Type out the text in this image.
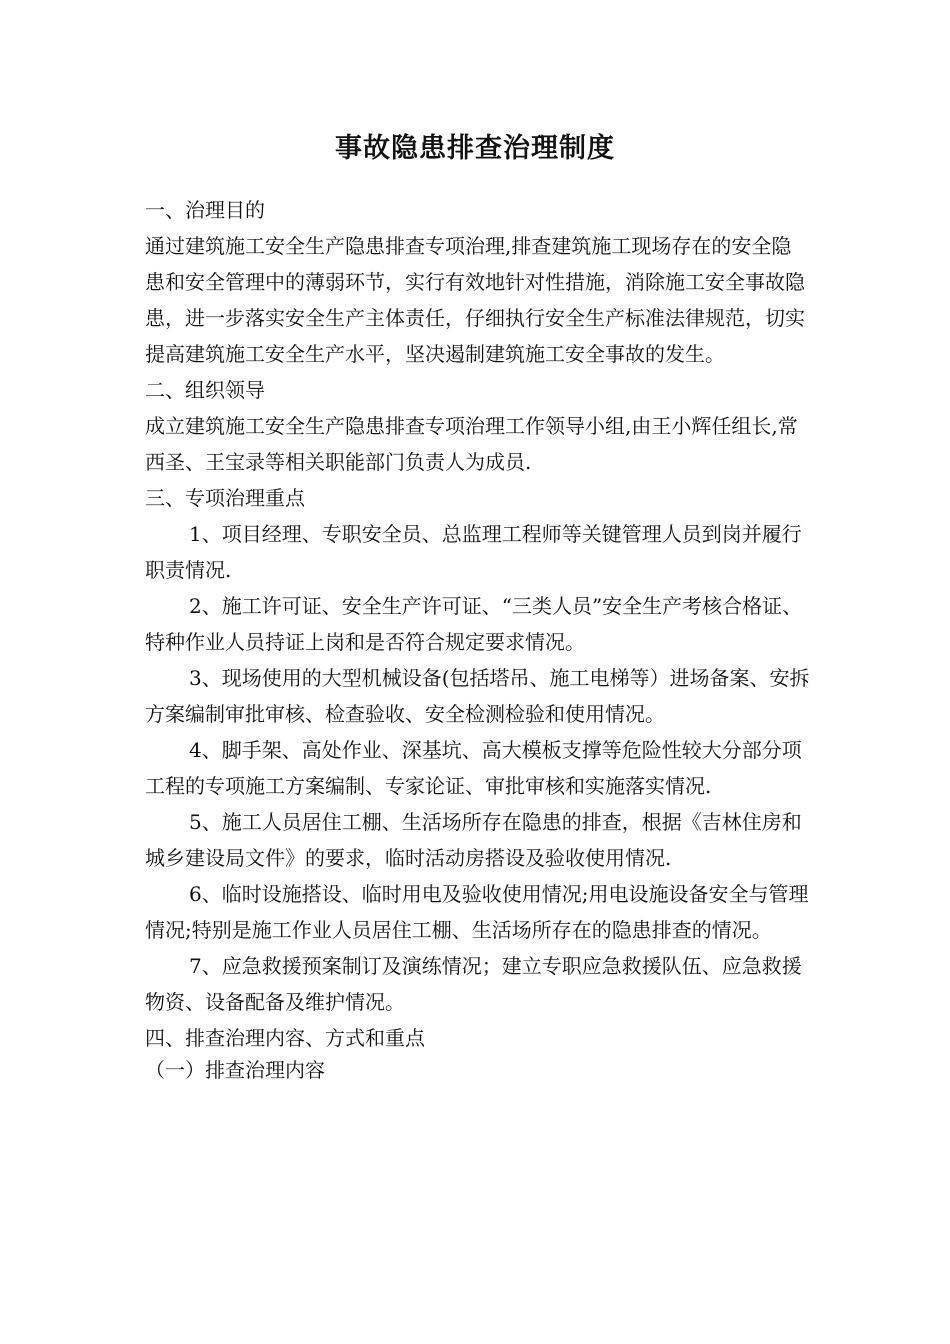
事故隐患排查治理制度

一、治理目的

通过建筑施工安全生产隐患排查专项治理,排查建筑施工现场存在的安全隐患和安全管理中的薄弱环节，实行有效地针对性措施，消除施工安全事故隐患，进一步落实安全生产主体责任，仔细执行安全生产标准法律规范，切实提高建筑施工安全生产水平，坚决遏制建筑施工安全事故的发生。

二、组织领导

成立建筑施工安全生产隐患排查专项治理工作领导小组,由王小辉任组长,常西圣、王宝录等相关职能部门负责人为成员.

三、专项治理重点

1、项目经理、专职安全员、总监理工程师等关键管理人员到岗并履行职责情况.

2、施工许可证、安全生产许可证、“三类人员”安全生产考核合格证、特种作业人员持证上岗和是否符合规定要求情况。

3、现场使用的大型机械设备(包括塔吊、施工电梯等）进场备案、安拆方案编制审批审核、检查验收、安全检测检验和使用情况。

4、脚手架、高处作业、深基坑、高大模板支撑等危险性较大分部分项工程的专项施工方案编制、专家论证、审批审核和实施落实情况.

5、施工人员居住工棚、生活场所存在隐患的排查，根据《吉林住房和城乡建设局文件》的要求，临时活动房搭设及验收使用情况.

6、临时设施搭设、临时用电及验收使用情况;用电设施设备安全与管理情况;特别是施工作业人员居住工棚、生活场所存在的隐患排查的情况。

7、应急救援预案制订及演练情况；建立专职应急救援队伍、应急救援物资、设备配备及维护情况。

四、排查治理内容、方式和重点

（一）排查治理内容
